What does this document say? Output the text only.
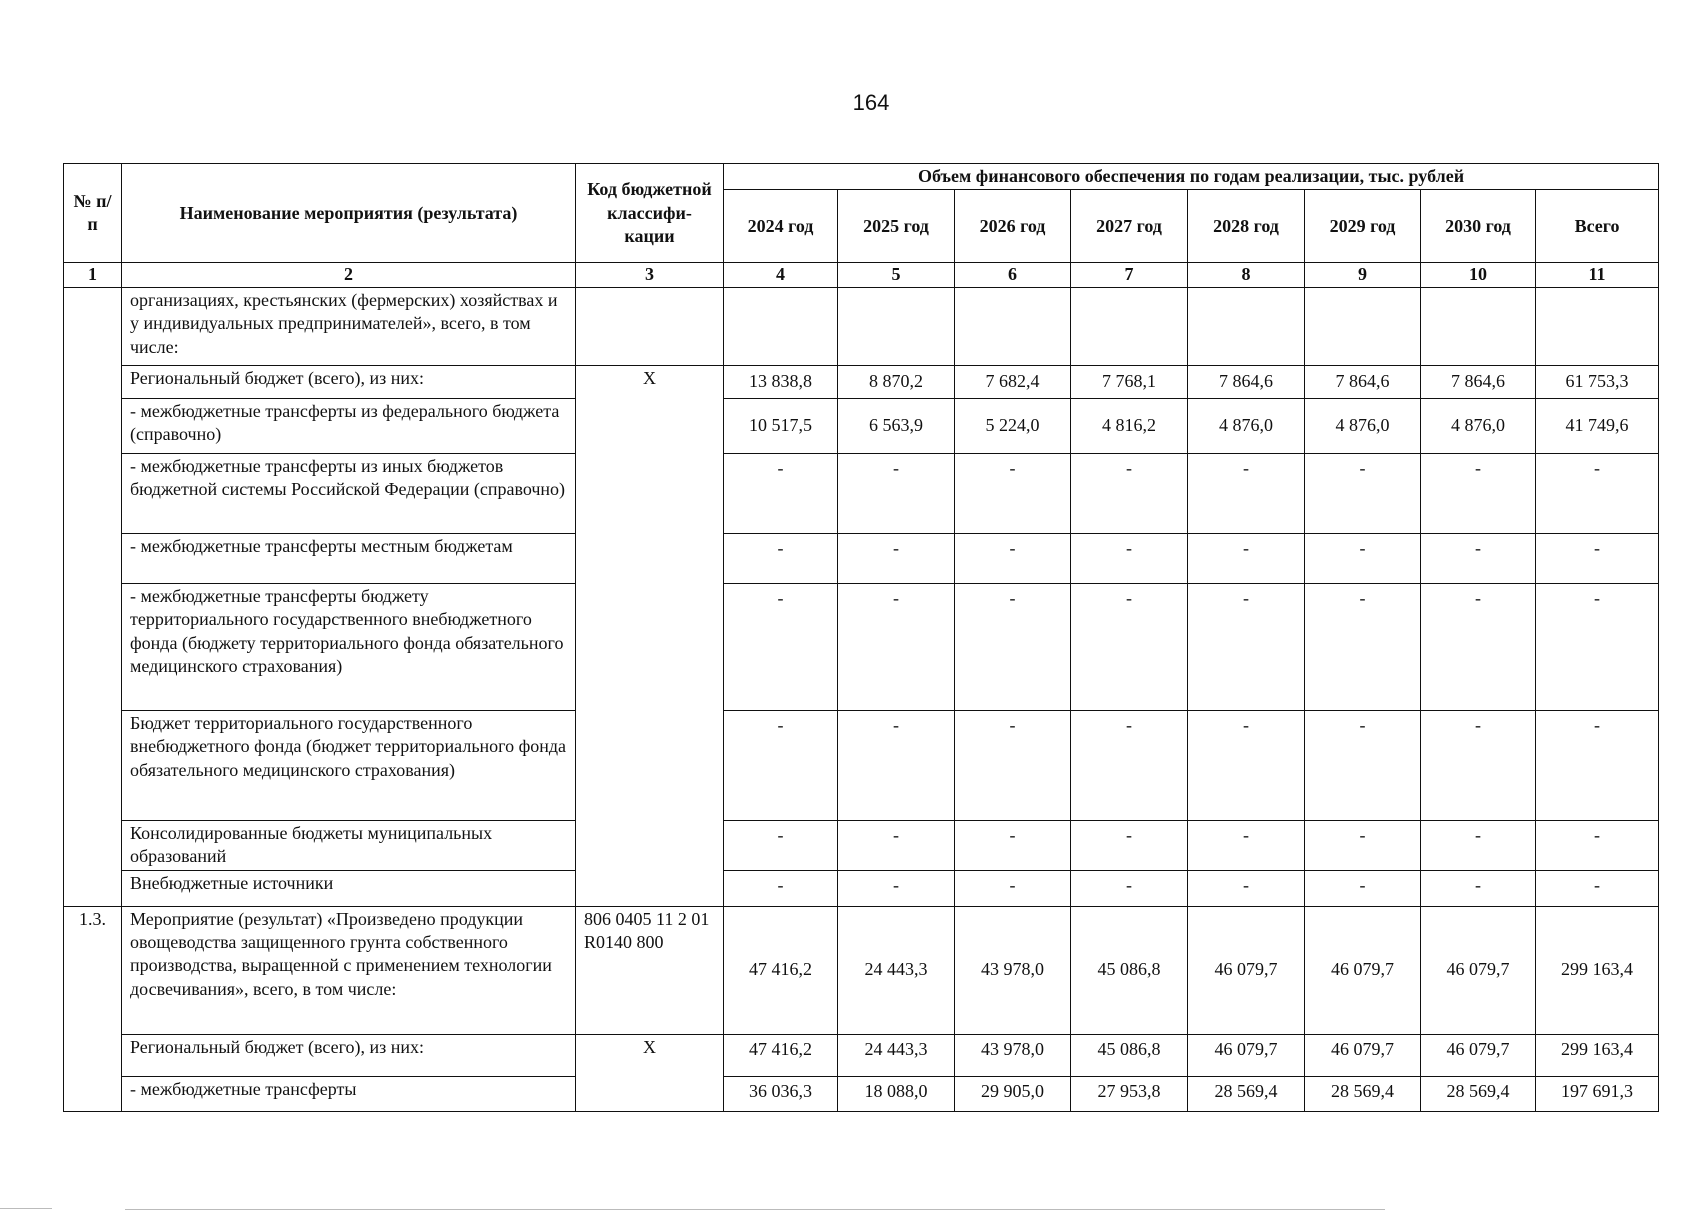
164
№ п/п	Наименование мероприятия (результата)	Код бюджетной классифи-кации	Объем финансового обеспечения по годам реализации, тыс. рублей							
			2024 год	2025 год	2026 год	2027 год	2028 год	2029 год	2030 год	Всего
1	2	3	4	5	6	7	8	9	10	11
	организациях, крестьянских (фермерских) хозяйствах и у индивидуальных предпринимателей», всего, в том числе:									
	Региональный бюджет (всего), из них:	Х	13 838,8	8 870,2	7 682,4	7 768,1	7 864,6	7 864,6	7 864,6	61 753,3
	- межбюджетные трансферты из федерального бюджета (справочно)		10 517,5	6 563,9	5 224,0	4 816,2	4 876,0	4 876,0	4 876,0	41 749,6
	- межбюджетные трансферты из иных бюджетов бюджетной системы Российской Федерации (справочно)		-	-	-	-	-	-	-	-
	- межбюджетные трансферты местным бюджетам		-	-	-	-	-	-	-	-
	- межбюджетные трансферты бюджету территориального государственного внебюджетного фонда (бюджету территориального фонда обязательного медицинского страхования)		-	-	-	-	-	-	-	-
	Бюджет территориального государственного внебюджетного фонда (бюджет территориального фонда обязательного медицинского страхования)		-	-	-	-	-	-	-	-
	Консолидированные бюджеты муниципальных образований		-	-	-	-	-	-	-	-
	Внебюджетные источники		-	-	-	-	-	-	-	-
1.3.	Мероприятие (результат) «Произведено продукции овощеводства защищенного грунта собственного производства, выращенной с применением технологии досвечивания», всего, в том числе:	806 0405 11 2 01 R0140 800	47 416,2	24 443,3	43 978,0	45 086,8	46 079,7	46 079,7	46 079,7	299 163,4
	Региональный бюджет (всего), из них:	Х	47 416,2	24 443,3	43 978,0	45 086,8	46 079,7	46 079,7	46 079,7	299 163,4
	- межбюджетные трансферты		36 036,3	18 088,0	29 905,0	27 953,8	28 569,4	28 569,4	28 569,4	197 691,3
